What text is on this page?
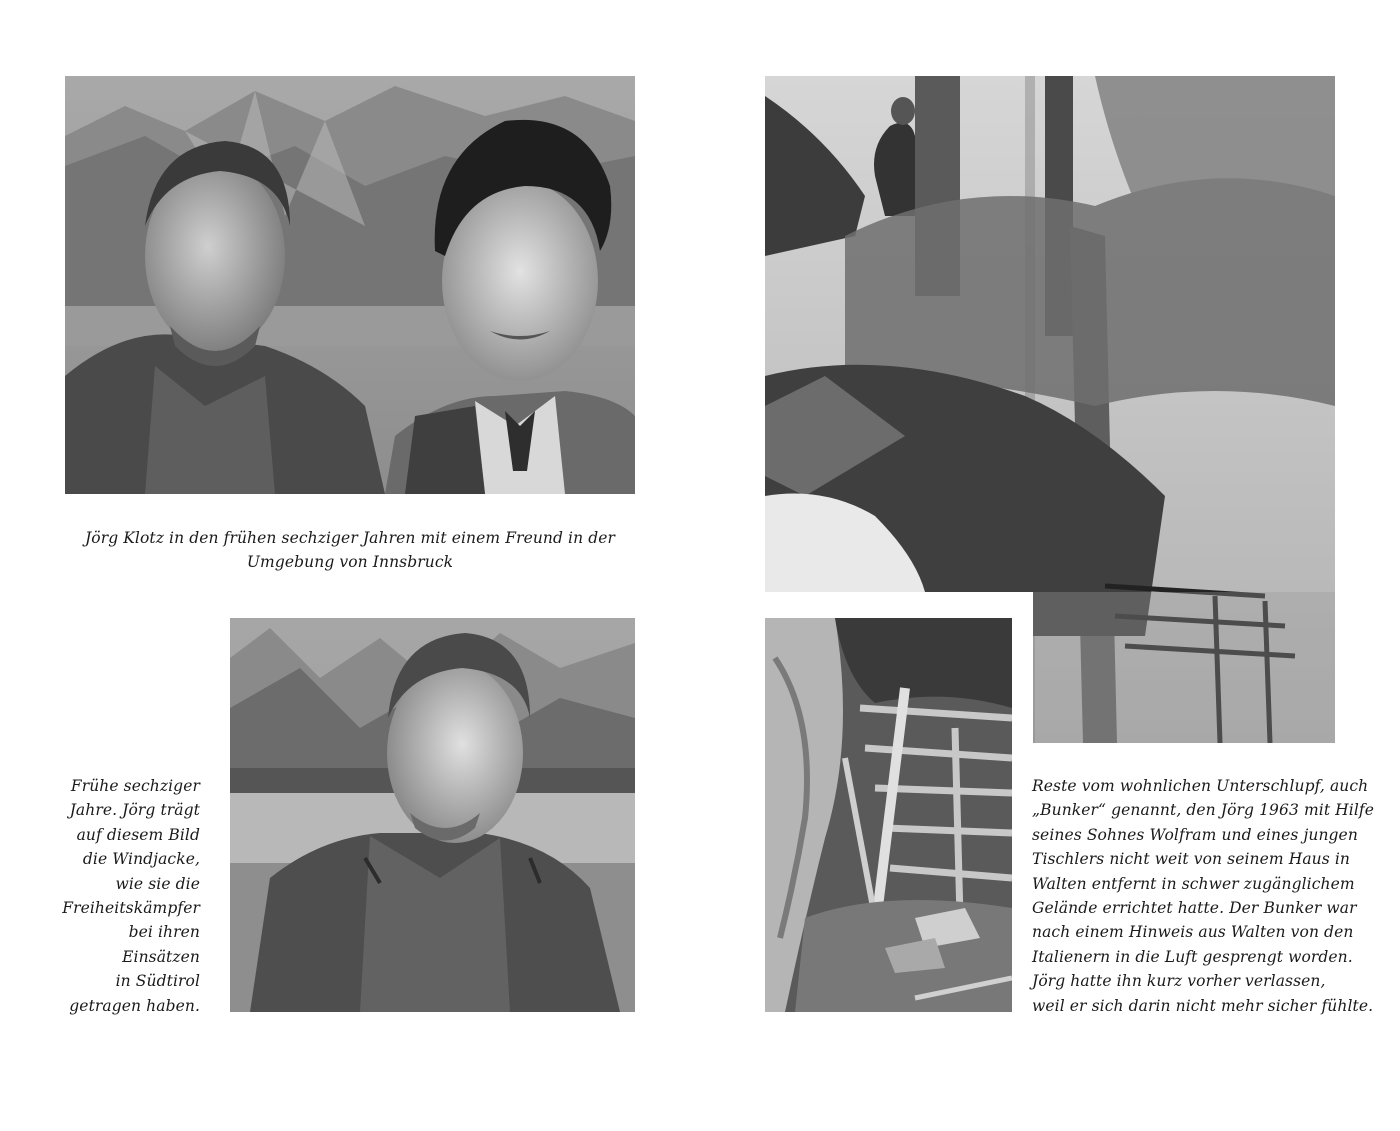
Jörg Klotz in den frühen sechziger Jahren mit einem Freund in der
Umgebung von Innsbruck
Frühe sechziger
Jahre. Jörg trägt
auf diesem Bild
die Windjacke,
wie sie die
Freiheitskämpfer
bei ihren
Einsätzen
in Südtirol
getragen haben.
Reste vom wohnlichen Unterschlupf, auch
„Bunker“ genannt, den Jörg 1963 mit Hilfe
seines Sohnes Wolfram und eines jungen
Tischlers nicht weit von seinem Haus in
Walten entfernt in schwer zugänglichem
Gelände errichtet hatte. Der Bunker war
nach einem Hinweis aus Walten von den
Italienern in die Luft gesprengt worden.
Jörg hatte ihn kurz vorher verlassen,
weil er sich darin nicht mehr sicher fühlte.
